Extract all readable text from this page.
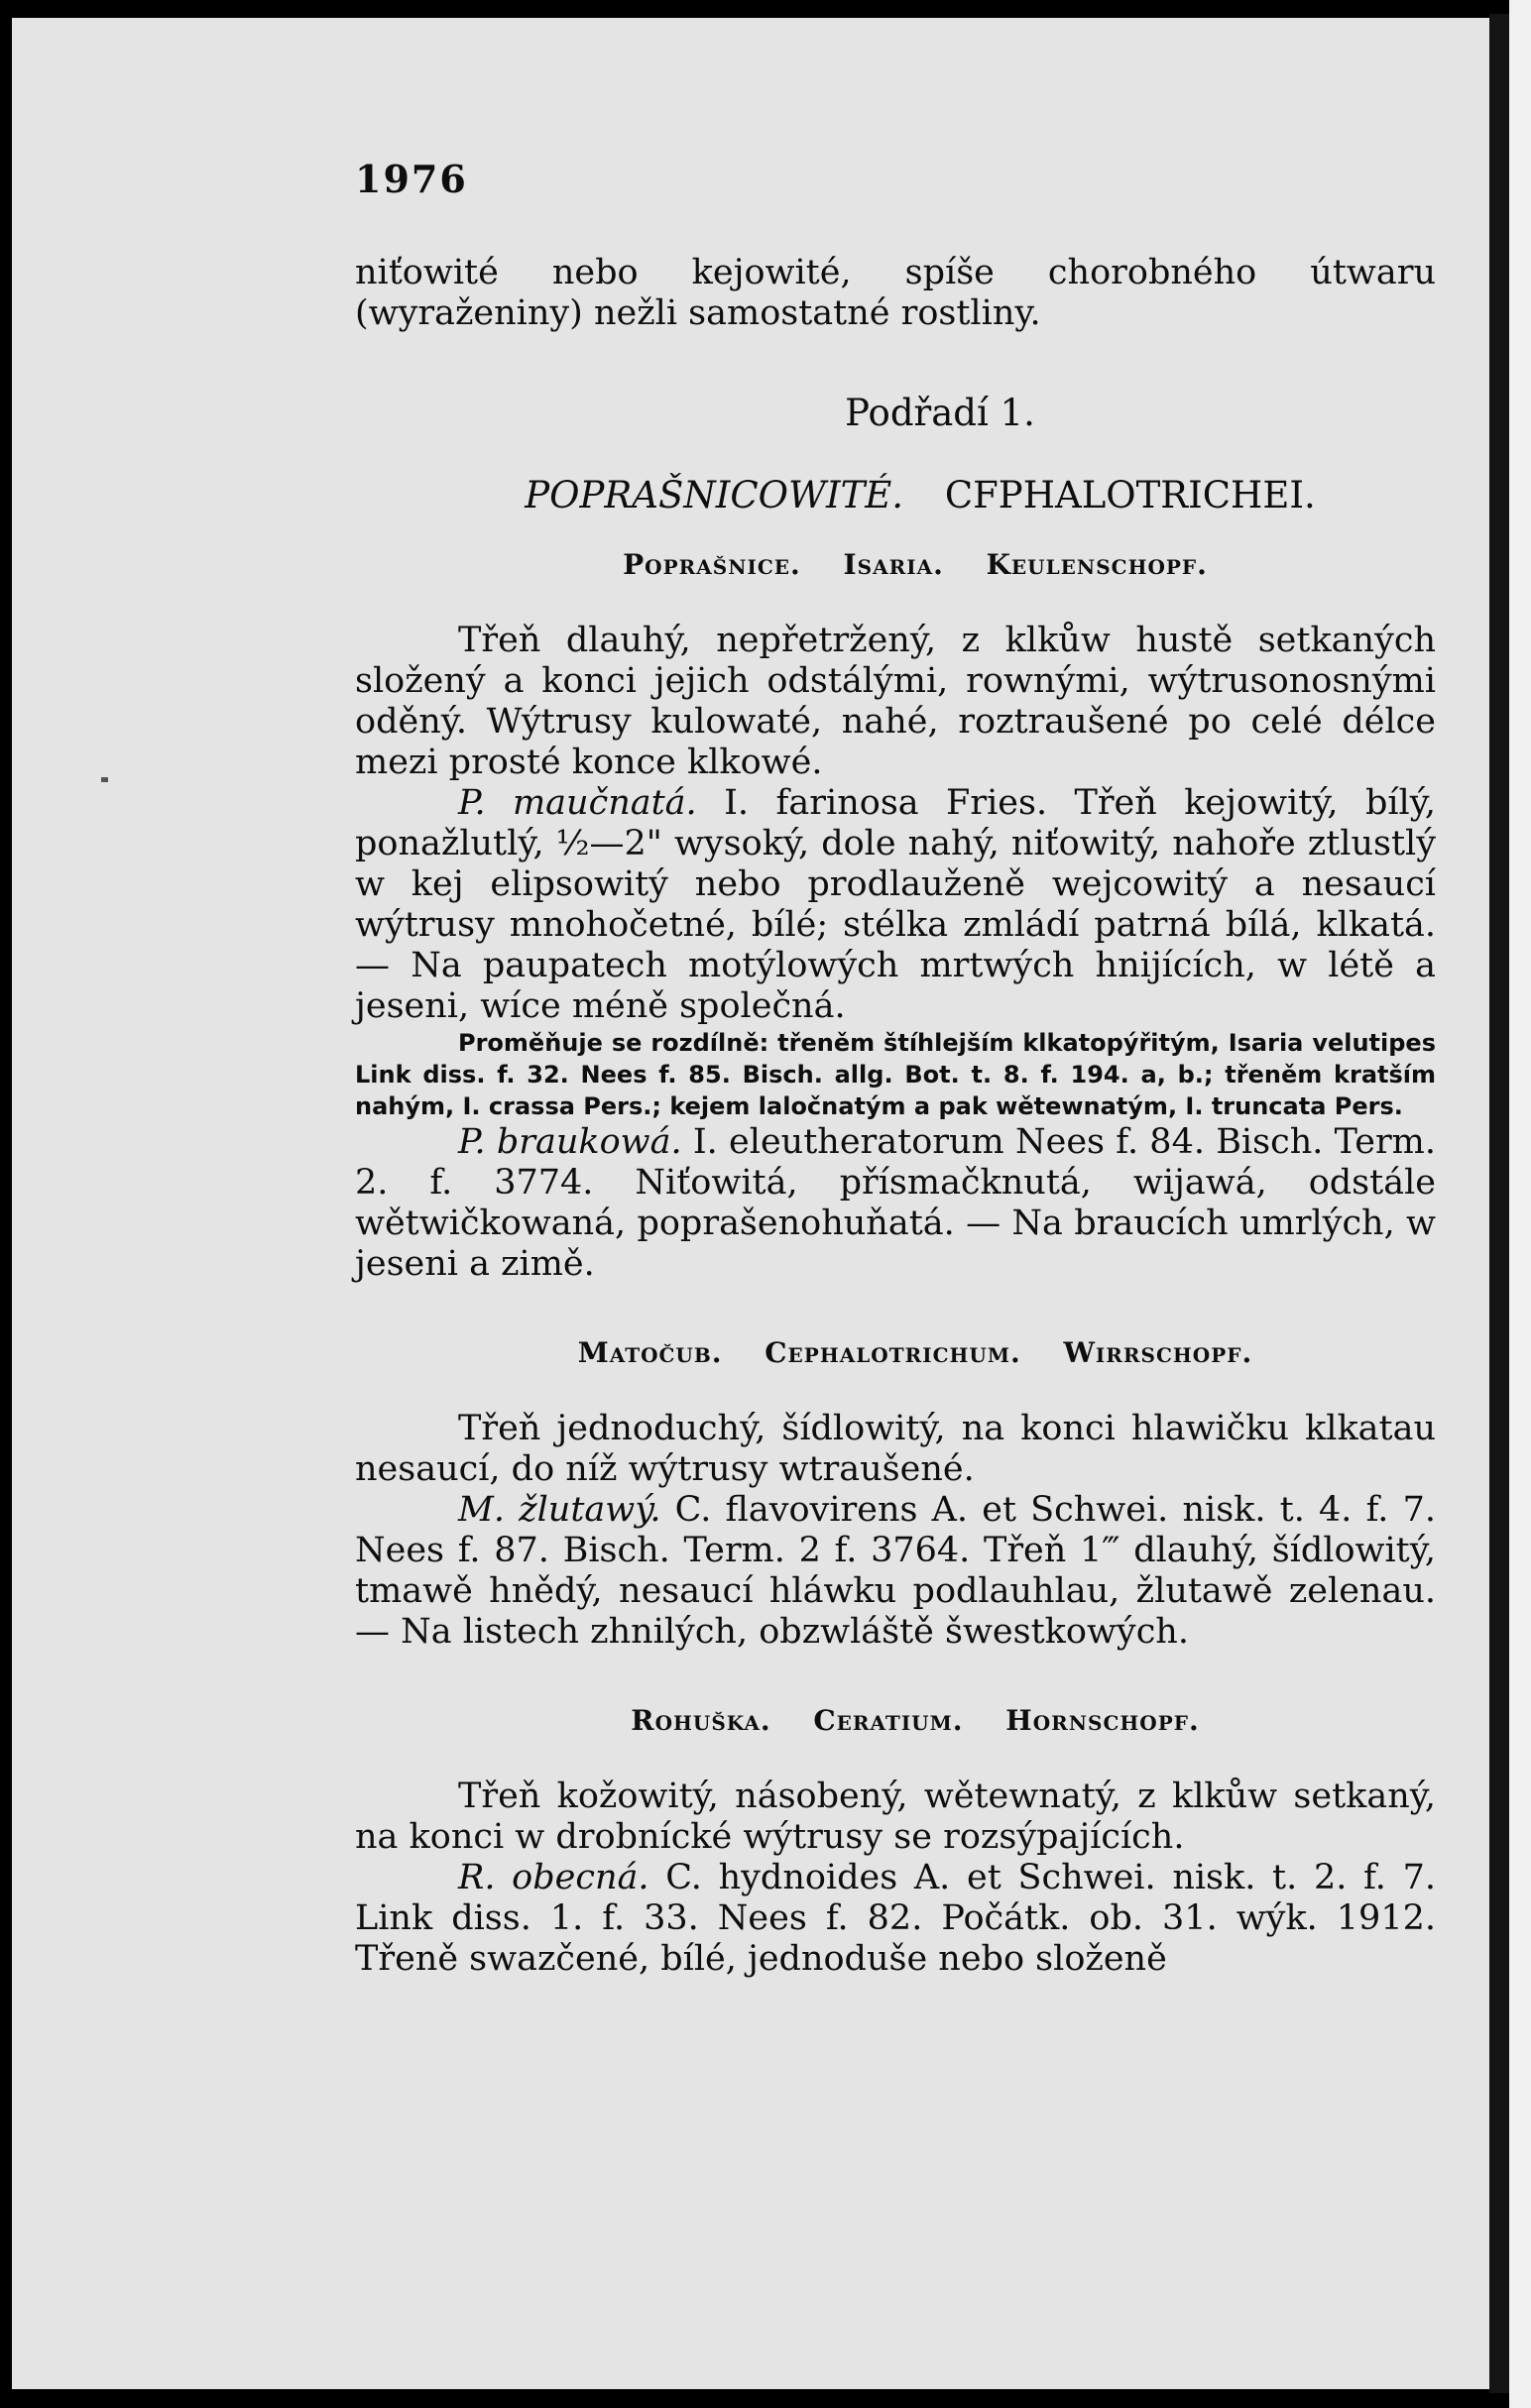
1976

niťowité nebo kejowité, spíše chorobného útwaru (wyraženiny) nežli samostatné rostliny.

Podřadí 1.
POPRAŠNICOWITÉ. CFPHALOTRICHEI.
Poprašnice. Isaria. Keulenschopf.

Třeň dlauhý, nepřetržený, z klkůw hustě setkaných složený a konci jejich odstálými, rownými, wýtrusonosnými oděný. Wýtrusy kulowaté, nahé, roztraušené po celé délce mezi prosté konce klkowé.

P. maučnatá. I. farinosa Fries. Třeň kejowitý, bílý, ponažlutlý, ½—2" wysoký, dole nahý, niťowitý, nahoře ztlustlý w kej elipsowitý nebo prodlauženě wejcowitý a nesaucí wýtrusy mnohočetné, bílé; stélka zmládí patrná bílá, klkatá. — Na paupatech motýlowých mrtwých hnijících, w létě a jeseni, wíce méně společná.

Proměňuje se rozdílně: třeněm štíhlejším klkatopýřitým, Isaria velutipes Link diss. f. 32. Nees f. 85. Bisch. allg. Bot. t. 8. f. 194. a, b.; třeněm kratším nahým, I. crassa Pers.; kejem laločnatým a pak wětewnatým, I. truncata Pers.

P. braukowá. I. eleutheratorum Nees f. 84. Bisch. Term. 2. f. 3774. Niťowitá, přísmačknutá, wijawá, odstále wětwičkowaná, poprašenohuňatá. — Na braucích umrlých, w jeseni a zimě.

Matočub. Cephalotrichum. Wirrschopf.

Třeň jednoduchý, šídlowitý, na konci hlawičku klkatau nesaucí, do níž wýtrusy wtraušené.

M. žlutawý. C. flavovirens A. et Schwei. nisk. t. 4. f. 7. Nees f. 87. Bisch. Term. 2 f. 3764. Třeň 1‴ dlauhý, šídlowitý, tmawě hnědý, nesaucí hláwku podlauhlau, žlutawě zelenau. — Na listech zhnilých, obzwláště šwestkowých.

Rohuška. Ceratium. Hornschopf.

Třeň kožowitý, násobený, wětewnatý, z klkůw setkaný, na konci w drobnícké wýtrusy se rozsýpajících.

R. obecná. C. hydnoides A. et Schwei. nisk. t. 2. f. 7. Link diss. 1. f. 33. Nees f. 82. Počátk. ob. 31. wýk. 1912. Třeně swazčené, bílé, jednoduše nebo složeně
